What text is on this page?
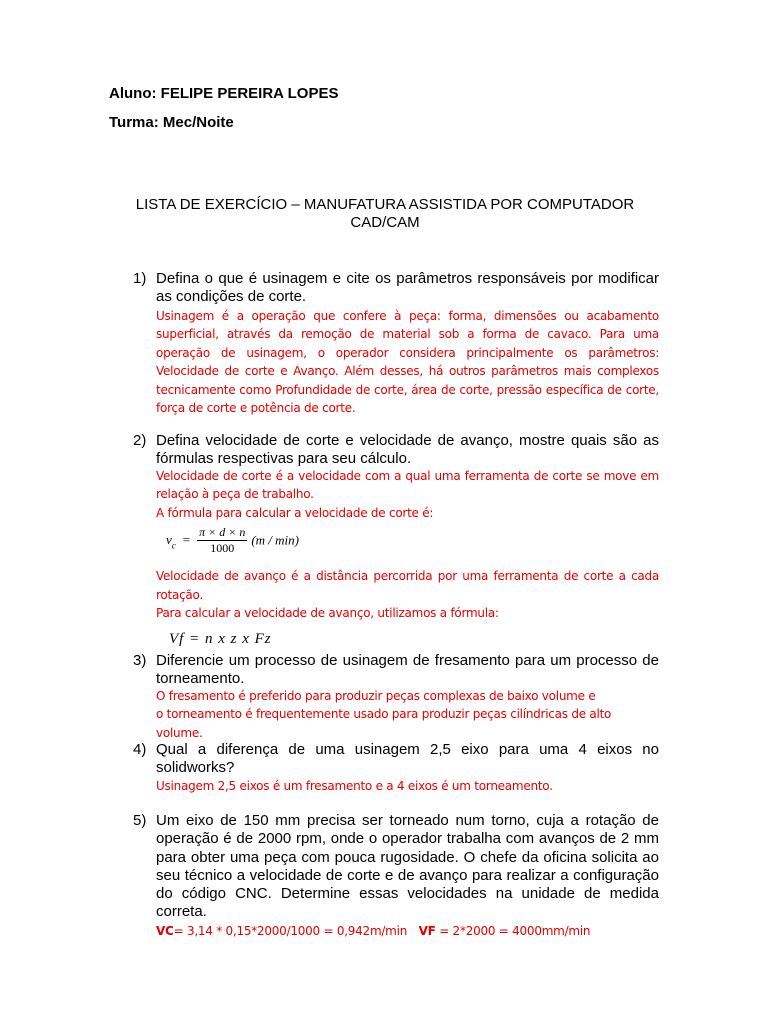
Aluno: FELIPE PEREIRA LOPES
Turma: Mec/Noite
LISTA DE EXERCÍCIO – MANUFATURA ASSISTIDA POR COMPUTADOR
CAD/CAM
1) Defina o que é usinagem e cite os parâmetros responsáveis por modificar as condições de corte.
Usinagem é a operação que confere à peça: forma, dimensões ou acabamento superficial, através da remoção de material sob a forma de cavaco. Para uma operação de usinagem, o operador considera principalmente os parâmetros: Velocidade de corte e Avanço. Além desses, há outros parâmetros mais complexos tecnicamente como Profundidade de corte, área de corte, pressão específica de corte, força de corte e potência de corte.
2) Defina velocidade de corte e velocidade de avanço, mostre quais são as fórmulas respectivas para seu cálculo.
Velocidade de corte é a velocidade com a qual uma ferramenta de corte se move em relação à peça de trabalho.
A fórmula para calcular a velocidade de corte é:
$v_c = \frac{\pi \times d \times n}{1000} (m / \min)$
Velocidade de avanço é a distância percorrida por uma ferramenta de corte a cada rotação.
Para calcular a velocidade de avanço, utilizamos a fórmula:
Vf = n x z x Fz
3) Diferencie um processo de usinagem de fresamento para um processo de torneamento.
O fresamento é preferido para produzir peças complexas de baixo volume e
o torneamento é frequentemente usado para produzir peças cilíndricas de alto volume.
4) Qual a diferença de uma usinagem 2,5 eixo para uma 4 eixos no solidworks?
Usinagem 2,5 eixos é um fresamento e a 4 eixos é um torneamento.
5) Um eixo de 150 mm precisa ser torneado num torno, cuja a rotação de operação é de 2000 rpm, onde o operador trabalha com avanços de 2 mm para obter uma peça com pouca rugosidade. O chefe da oficina solicita ao seu técnico a velocidade de corte e de avanço para realizar a configuração do código CNC. Determine essas velocidades na unidade de medida correta.
VC= 3,14 * 0,15*2000/1000 = 0,942m/min VF = 2*2000 = 4000mm/min
